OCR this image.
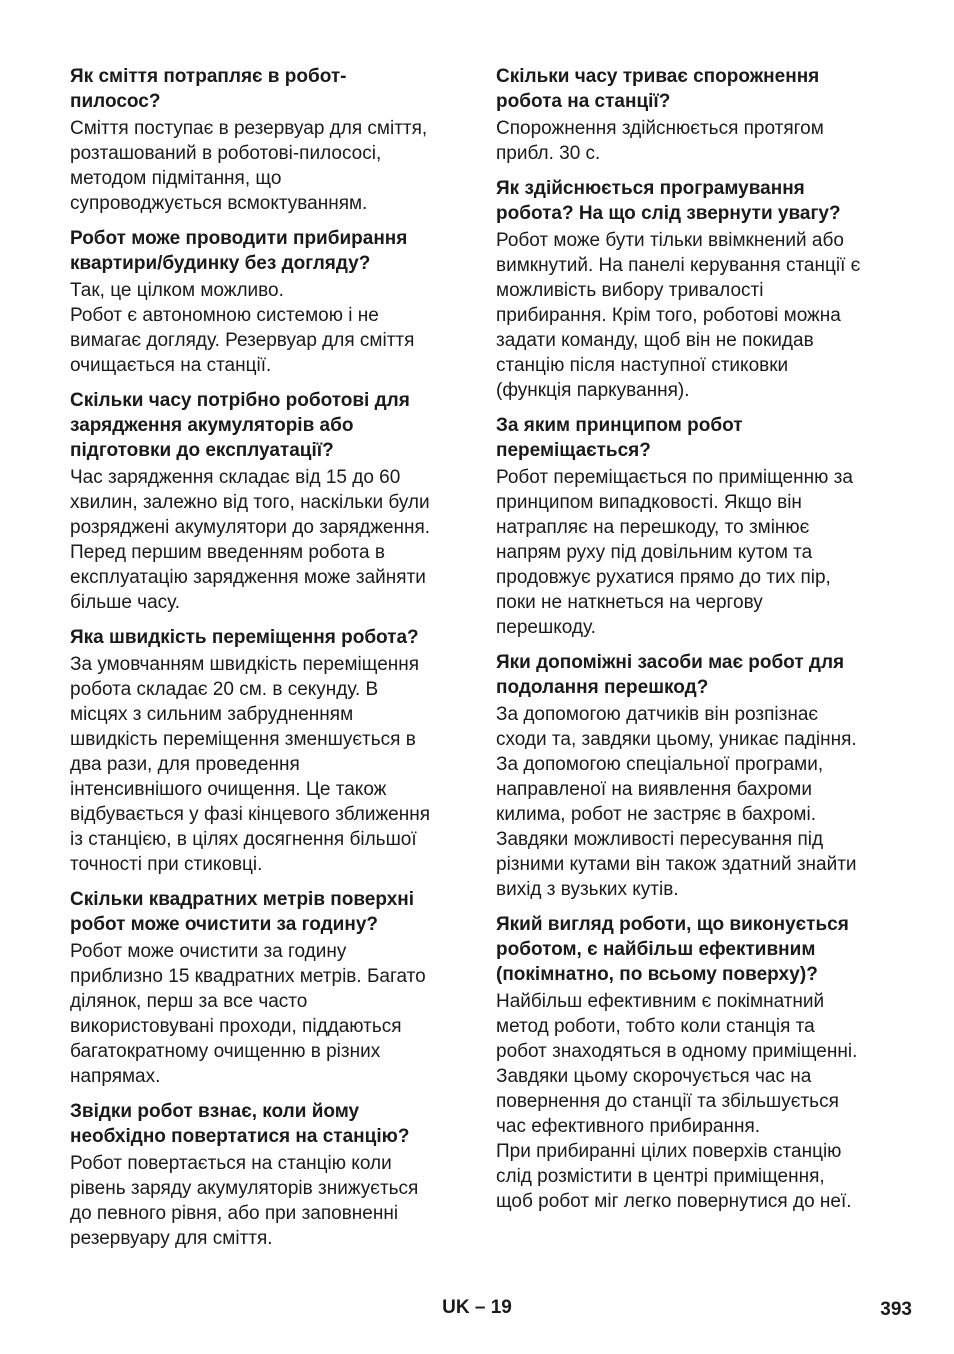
Як сміття потрапляє в робот-
пилосос?

Сміття поступає в резервуар для сміття,
розташований в роботові-пилососі,
методом підмітання, що
супроводжується всмоктуванням.

Робот може проводити прибирання
квартири/будинку без догляду?

Так, це цілком можливо.
Робот є автономною системою і не
вимагає догляду. Резервуар для сміття
очищається на станції.

Скільки часу потрібно роботові для
зарядження акумуляторів або
підготовки до експлуатації?

Час зарядження складає від 15 до 60
хвилин, залежно від того, наскільки були
розряджені акумулятори до зарядження.
Перед першим введенням робота в
експлуатацію зарядження може зайняти
більше часу.

Яка швидкість переміщення робота?

За умовчанням швидкість переміщення
робота складає 20 см. в секунду. В
місцях з сильним забрудненням
швидкість переміщення зменшується в
два рази, для проведення
інтенсивнішого очищення. Це також
відбувається у фазі кінцевого зближення
із станцією, в цілях досягнення більшої
точності при стиковці.

Скільки квадратних метрів поверхні
робот може очистити за годину?

Робот може очистити за годину
приблизно 15 квадратних метрів. Багато
ділянок, перш за все часто
використовувані проходи, піддаються
багатократному очищенню в різних
напрямах.

Звідки робот взнає, коли йому
необхідно повертатися на станцію?

Робот повертається на станцію коли
рівень заряду акумуляторів знижується
до певного рівня, або при заповненні
резервуару для сміття.

Скільки часу триває спорожнення
робота на станції?

Спорожнення здійснюється протягом
прибл. 30 с.

Як здійснюється програмування
робота? На що слід звернути увагу?

Робот може бути тільки ввімкнений або
вимкнутий. На панелі керування станції є
можливість вибору тривалості
прибирання. Крім того, роботові можна
задати команду, щоб він не покидав
станцію після наступної стиковки
(функція паркування).

За яким принципом робот
переміщається?

Робот переміщається по приміщенню за
принципом випадковості. Якщо він
натрапляє на перешкоду, то змінює
напрям руху під довільним кутом та
продовжує рухатися прямо до тих пір,
поки не наткнеться на чергову
перешкоду.

Яки допоміжні засоби має робот для
подолання перешкод?

За допомогою датчиків він розпізнає
сходи та, завдяки цьому, уникає падіння.
За допомогою спеціальної програми,
направленої на виявлення бахроми
килима, робот не застряє в бахромі.
Завдяки можливості пересування під
різними кутами він також здатний знайти
вихід з вузьких кутів.

Який вигляд роботи, що виконується
роботом, є найбільш ефективним
(покімнатно, по всьому поверху)?

Найбільш ефективним є покімнатний
метод роботи, тобто коли станція та
робот знаходяться в одному приміщенні.
Завдяки цьому скорочується час на
повернення до станції та збільшується
час ефективного прибирання.
При прибиранні цілих поверхів станцію
слід розмістити в центрі приміщення,
щоб робот міг легко повернутися до неї.

UK – 19	393
